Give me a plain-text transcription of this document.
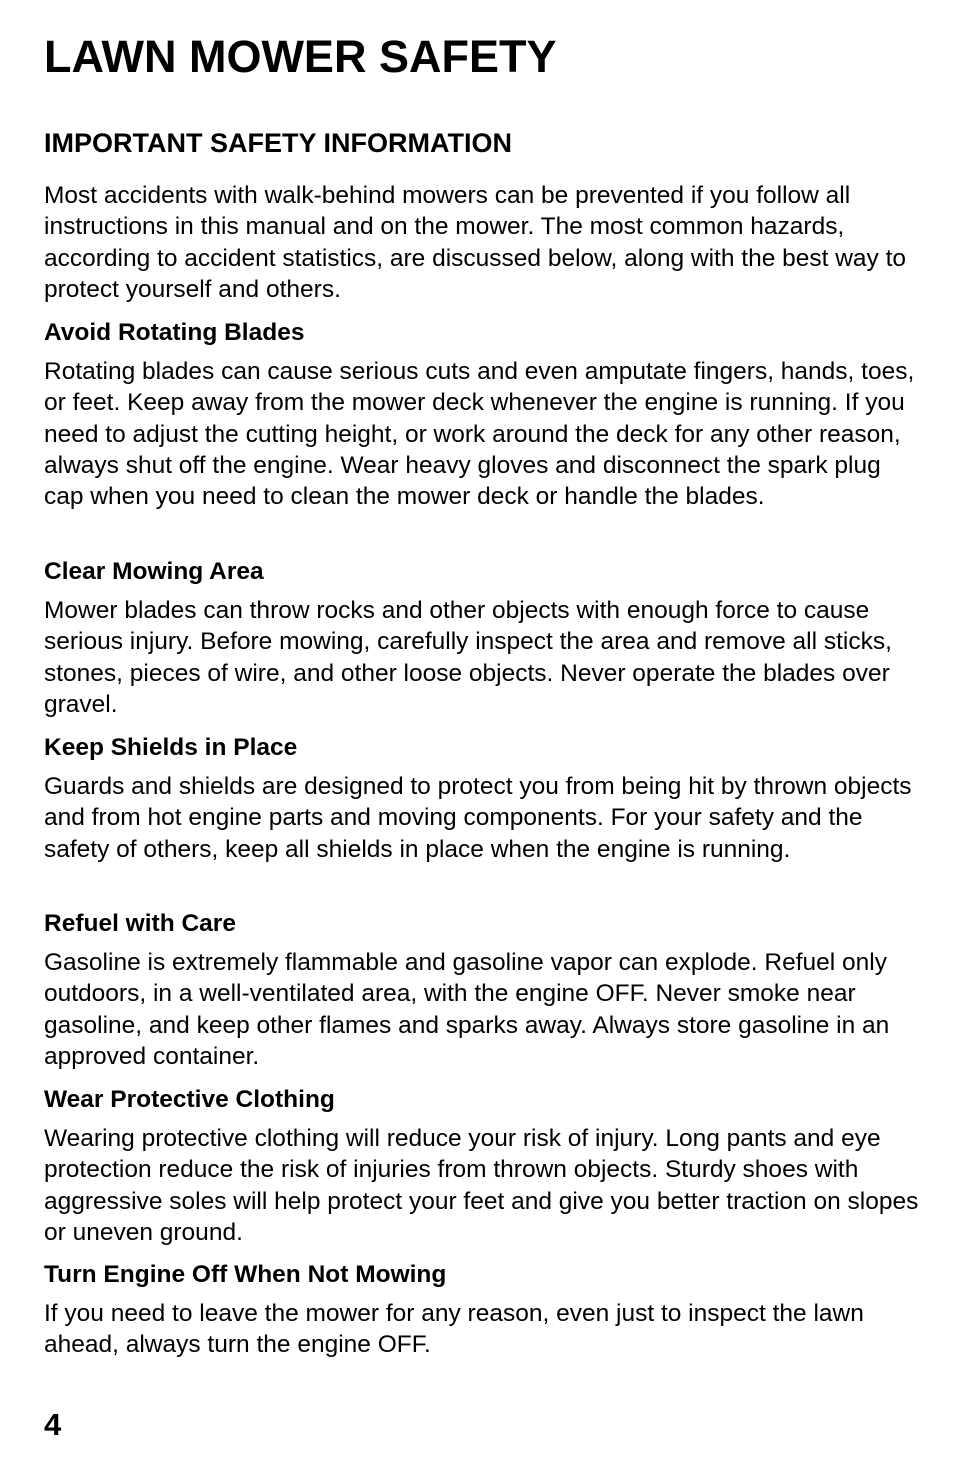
LAWN MOWER SAFETY
IMPORTANT SAFETY INFORMATION

Most accidents with walk-behind mowers can be prevented if you follow all instructions in this manual and on the mower. The most common hazards, according to accident statistics, are discussed below, along with the best way to protect yourself and others.

Avoid Rotating Blades

Rotating blades can cause serious cuts and even amputate fingers, hands, toes, or feet. Keep away from the mower deck whenever the engine is running. If you need to adjust the cutting height, or work around the deck for any other reason, always shut off the engine. Wear heavy gloves and disconnect the spark plug cap when you need to clean the mower deck or handle the blades.

Clear Mowing Area

Mower blades can throw rocks and other objects with enough force to cause serious injury. Before mowing, carefully inspect the area and remove all sticks, stones, pieces of wire, and other loose objects. Never operate the blades over gravel.

Keep Shields in Place

Guards and shields are designed to protect you from being hit by thrown objects and from hot engine parts and moving components. For your safety and the safety of others, keep all shields in place when the engine is running.

Refuel with Care

Gasoline is extremely flammable and gasoline vapor can explode. Refuel only outdoors, in a well-ventilated area, with the engine OFF. Never smoke near gasoline, and keep other flames and sparks away. Always store gasoline in an approved container.

Wear Protective Clothing

Wearing protective clothing will reduce your risk of injury. Long pants and eye protection reduce the risk of injuries from thrown objects. Sturdy shoes with aggressive soles will help protect your feet and give you better traction on slopes or uneven ground.

Turn Engine Off When Not Mowing

If you need to leave the mower for any reason, even just to inspect the lawn ahead, always turn the engine OFF.

4
